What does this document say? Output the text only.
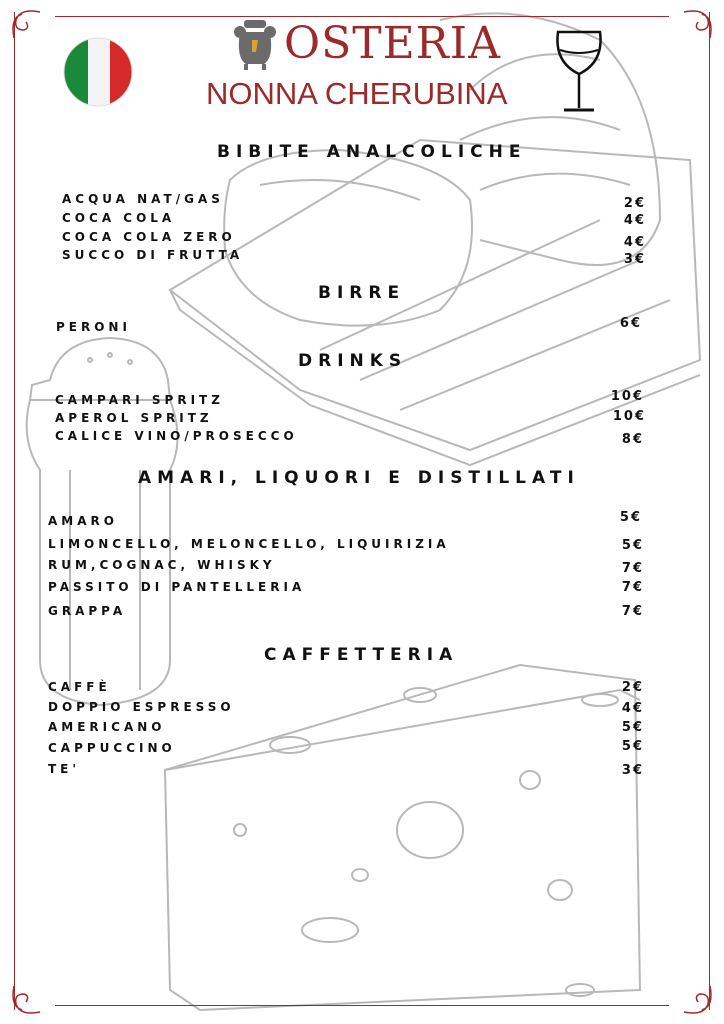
OSTERIA
NONNA CHERUBINA
BIBITE ANALCOLICHE
ACQUA NAT/GAS	2€
COCA COLA	4€
COCA COLA ZERO	4€
SUCCO DI FRUTTA	3€
BIRRE
PERONI	6€
DRINKS
CAMPARI SPRITZ	10€
APEROL SPRITZ	10€
CALICE VINO/PROSECCO	8€
AMARI, LIQUORI E DISTILLATI
AMARO	5€
LIMONCELLO, MELONCELLO, LIQUIRIZIA	5€
RUM,COGNAC, WHISKY	7€
PASSITO DI PANTELLERIA	7€
GRAPPA	7€
CAFFETTERIA
CAFFÈ	2€
DOPPIO ESPRESSO	4€
AMERICANO	5€
CAPPUCCINO	5€
TE'	3€
